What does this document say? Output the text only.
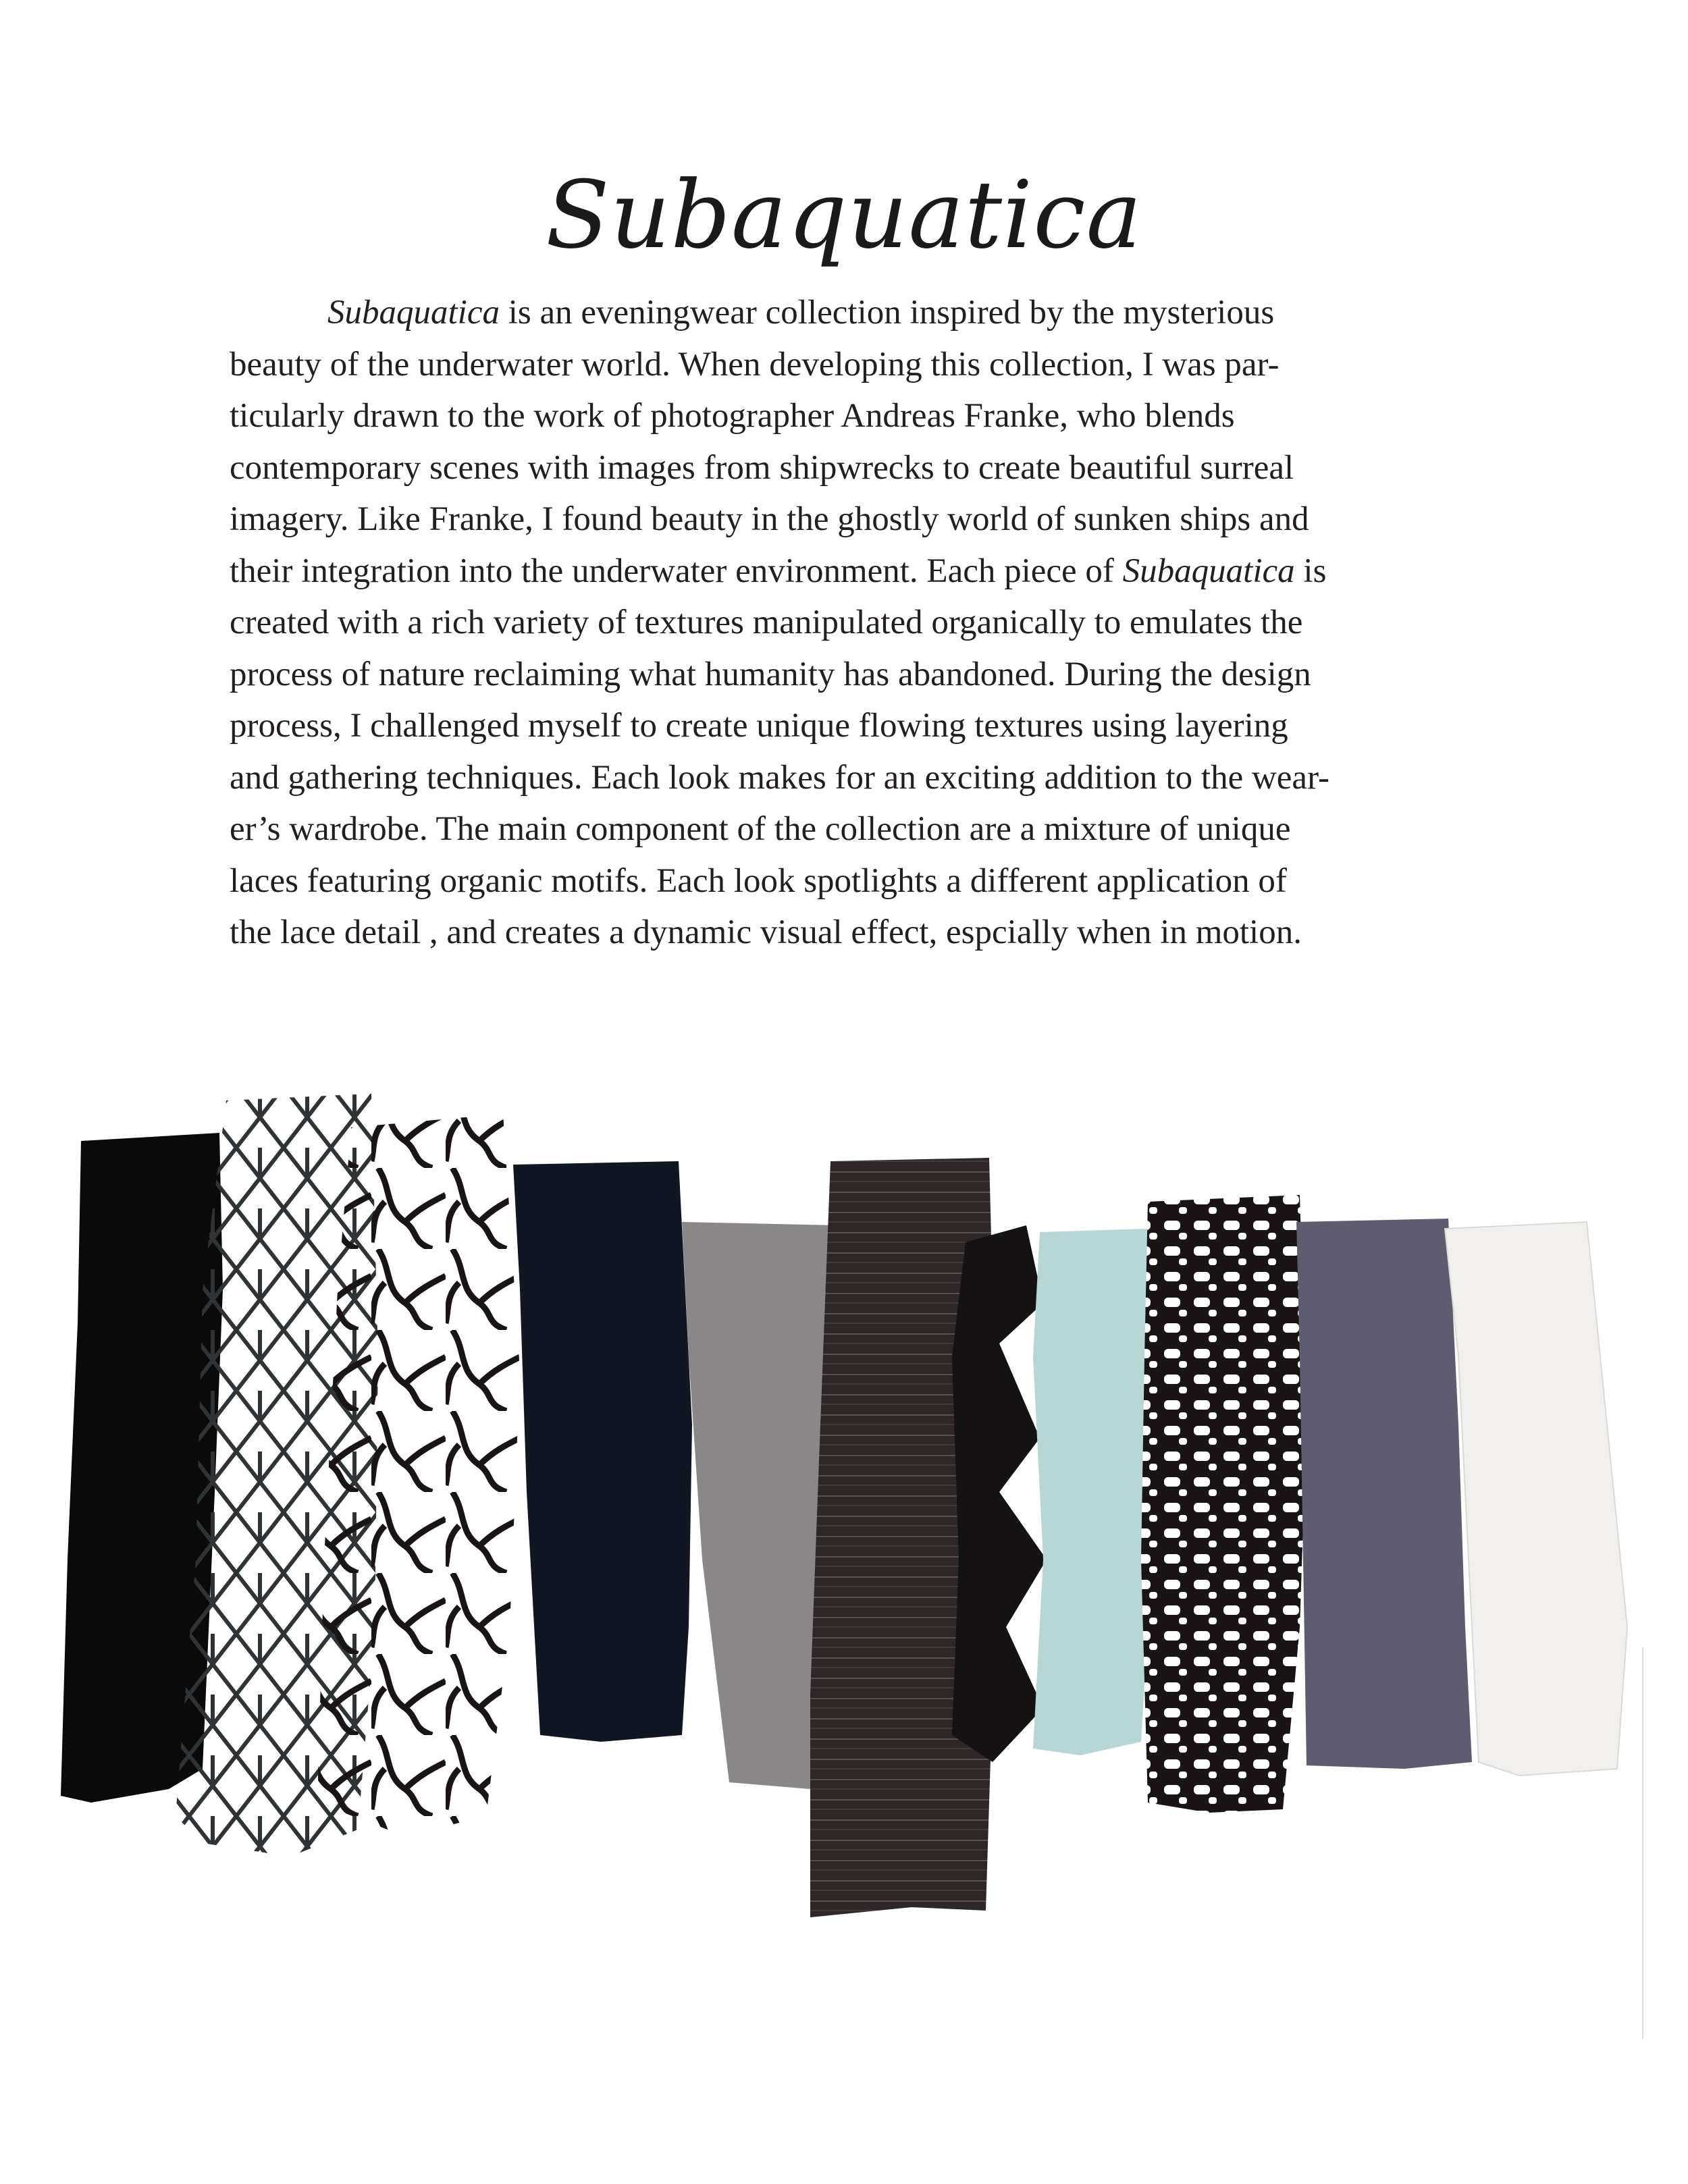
Subaquatica

Subaquatica is an eveningwear collection inspired by the mysterious
beauty of the underwater world. When developing this collection, I was par-
ticularly drawn to the work of photographer Andreas Franke, who blends
contemporary scenes with images from shipwrecks to create beautiful surreal
imagery. Like Franke, I found beauty in the ghostly world of sunken ships and
their integration into the underwater environment. Each piece of Subaquatica is
created with a rich variety of textures manipulated organically to emulates the
process of nature reclaiming what humanity has abandoned. During the design
process, I challenged myself to create unique flowing textures using layering
and gathering techniques. Each look makes for an exciting addition to the wear-
er’s wardrobe. The main component of the collection are a mixture of unique
laces featuring organic motifs. Each look spotlights a different application of
the lace detail , and creates a dynamic visual effect, espcially when in motion.
